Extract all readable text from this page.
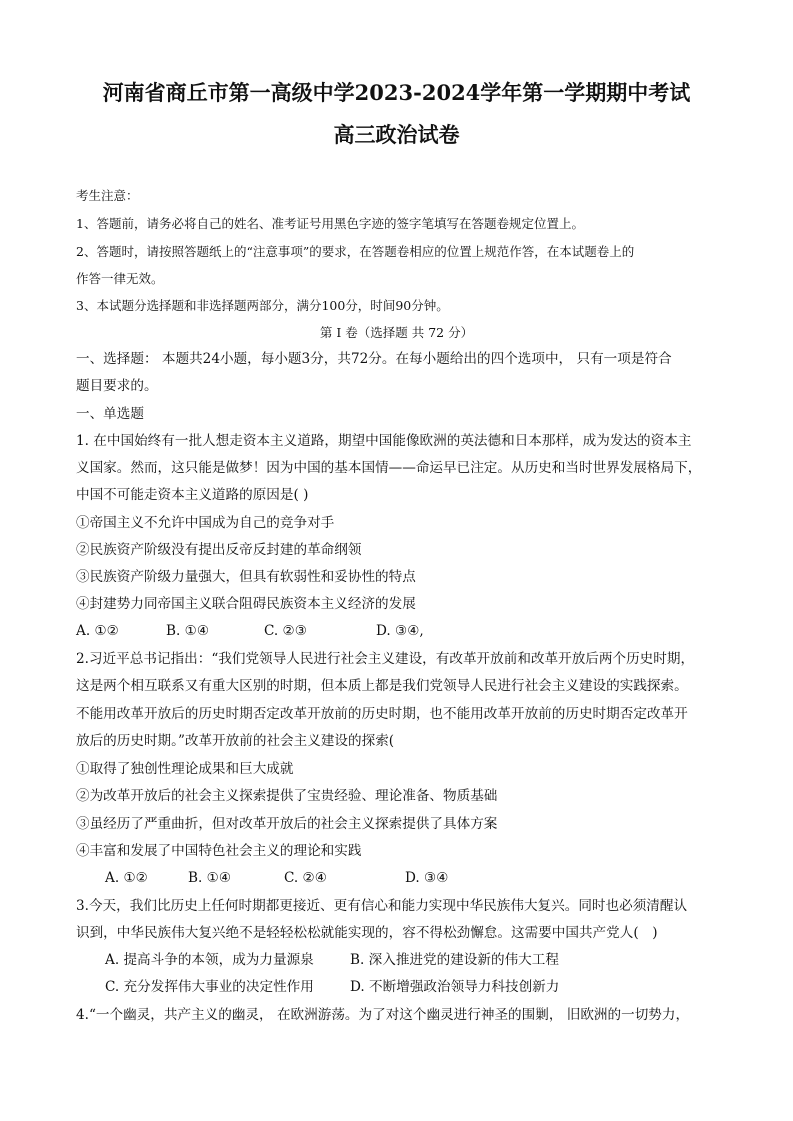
河南省商丘市第一高级中学2023-2024学年第一学期期中考试
高三政治试卷
考生注意：
1、答题前，请务必将自己的姓名、准考证号用黑色字迹的签字笔填写在答题卷规定位置上。
2、答题时，请按照答题纸上的“注意事项”的要求，在答题卷相应的位置上规范作答，在本试题卷上的
作答一律无效。
3、本试题分选择题和非选择题两部分，满分100分，时间90分钟。
第 Ⅰ 卷（选择题 共 72 分）
一、选择题： 本题共24小题，每小题3分，共72分。在每小题给出的四个选项中， 只有一项是符合
题目要求的。
一、单选题
1. 在中国始终有一批人想走资本主义道路，期望中国能像欧洲的英法德和日本那样，成为发达的资本主
义国家。然而，这只能是做梦！因为中国的基本国情——命运早已注定。从历史和当时世界发展格局下，
中国不可能走资本主义道路的原因是( )
①帝国主义不允许中国成为自己的竞争对手
②民族资产阶级没有提出反帝反封建的革命纲领
③民族资产阶级力量强大，但具有软弱性和妥协性的特点
④封建势力同帝国主义联合阻碍民族资本主义经济的发展
A. ①②	B. ①④	C. ②③	D. ③④,
2.习近平总书记指出：“我们党领导人民进行社会主义建设，有改革开放前和改革开放后两个历史时期，
这是两个相互联系又有重大区别的时期，但本质上都是我们党领导人民进行社会主义建设的实践探索。
不能用改革开放后的历史时期否定改革开放前的历史时期，也不能用改革开放前的历史时期否定改革开
放后的历史时期。”改革开放前的社会主义建设的探索(
①取得了独创性理论成果和巨大成就
②为改革开放后的社会主义探索提供了宝贵经验、理论准备、物质基础
③虽经历了严重曲折，但对改革开放后的社会主义探索提供了具体方案
④丰富和发展了中国特色社会主义的理论和实践
A. ①②	B. ①④	C. ②④	D. ③④
3.今天，我们比历史上任何时期都更接近、更有信心和能力实现中华民族伟大复兴。同时也必须清醒认
识到，中华民族伟大复兴绝不是轻轻松松就能实现的，容不得松劲懈怠。这需要中国共产党人(　)
A. 提高斗争的本领，成为力量源泉	B. 深入推进党的建设新的伟大工程
C. 充分发挥伟大事业的决定性作用	D. 不断增强政治领导力科技创新力
4.“一个幽灵，共产主义的幽灵， 在欧洲游荡。为了对这个幽灵进行神圣的围剿， 旧欧洲的一切势力，
